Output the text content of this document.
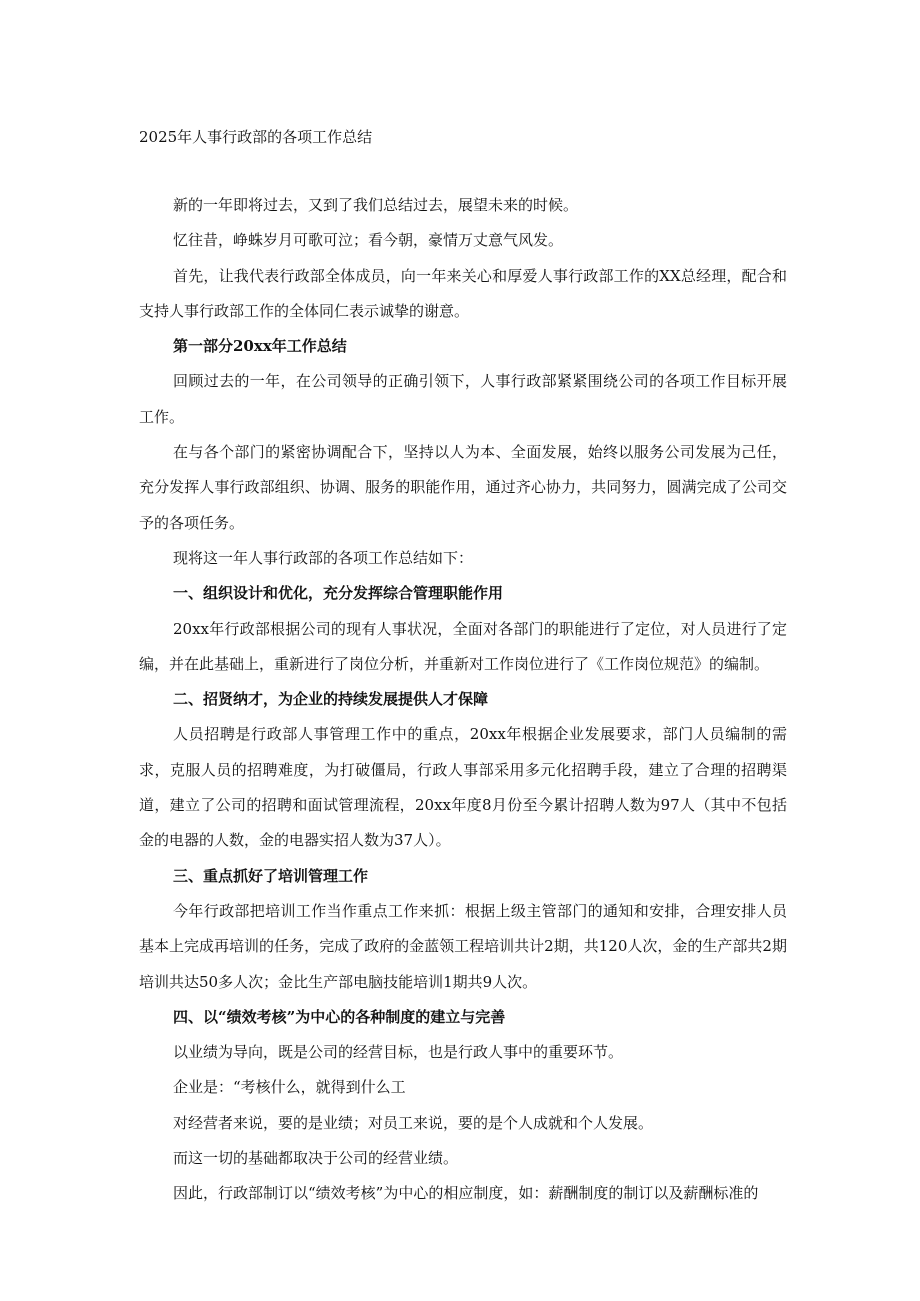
2025年人事行政部的各项工作总结

新的一年即将过去，又到了我们总结过去，展望未来的时候。

忆往昔，峥蛛岁月可歌可泣；看今朝，豪情万丈意气风发。

首先，让我代表行政部全体成员，向一年来关心和厚爱人事行政部工作的XX总经理，配合和支持人事行政部工作的全体同仁表示诚挚的谢意。

第一部分20xx年工作总结

回顾过去的一年，在公司领导的正确引领下，人事行政部紧紧围绕公司的各项工作目标开展工作。

在与各个部门的紧密协调配合下，坚持以人为本、全面发展，始终以服务公司发展为己任，充分发挥人事行政部组织、协调、服务的职能作用，通过齐心协力，共同努力，圆满完成了公司交予的各项任务。

现将这一年人事行政部的各项工作总结如下：

一、组织设计和优化，充分发挥综合管理职能作用

20xx年行政部根据公司的现有人事状况，全面对各部门的职能进行了定位，对人员进行了定编，并在此基础上，重新进行了岗位分析，并重新对工作岗位进行了《工作岗位规范》的编制。

二、招贤纳才，为企业的持续发展提供人才保障

人员招聘是行政部人事管理工作中的重点，20xx年根据企业发展要求，部门人员编制的需求，克服人员的招聘难度，为打破僵局，行政人事部采用多元化招聘手段，建立了合理的招聘渠道，建立了公司的招聘和面试管理流程，20xx年度8月份至今累计招聘人数为97人（其中不包括金的电器的人数，金的电器实招人数为37人）。

三、重点抓好了培训管理工作

今年行政部把培训工作当作重点工作来抓：根据上级主管部门的通知和安排，合理安排人员基本上完成再培训的任务，完成了政府的金蓝领工程培训共计2期，共120人次，金的生产部共2期培训共达50多人次；金比生产部电脑技能培训1期共9人次。

四、以“绩效考核”为中心的各种制度的建立与完善

以业绩为导向，既是公司的经营目标，也是行政人事中的重要环节。

企业是：“考核什么，就得到什么工

对经营者来说，要的是业绩；对员工来说，要的是个人成就和个人发展。

而这一切的基础都取决于公司的经营业绩。

因此，行政部制订以“绩效考核”为中心的相应制度，如：薪酬制度的制订以及薪酬标准的
